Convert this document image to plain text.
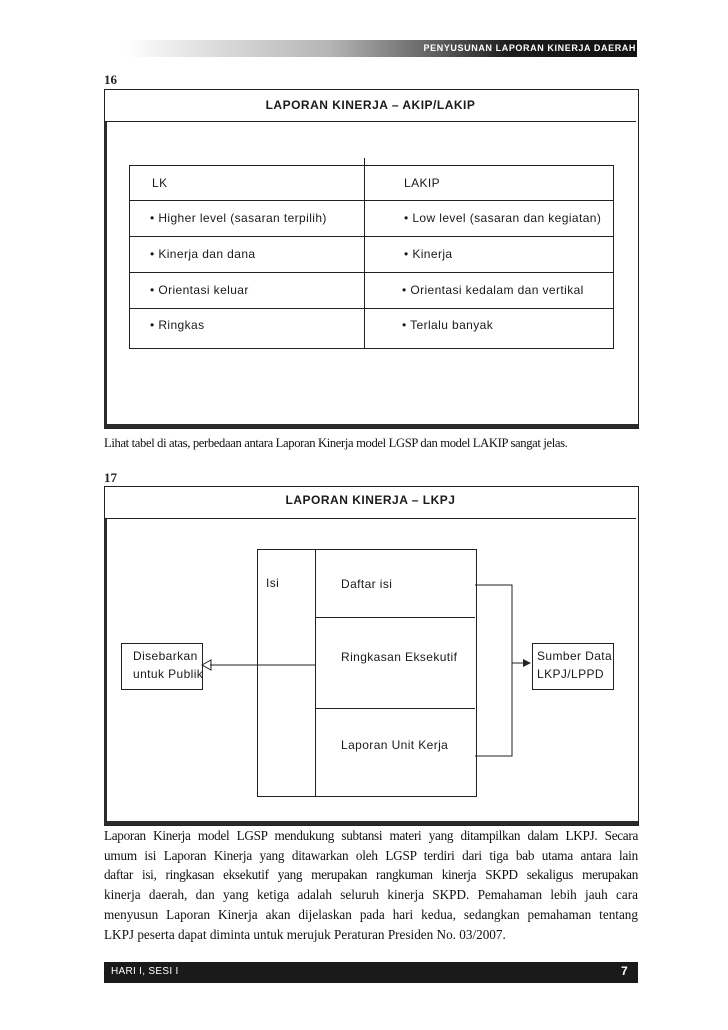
PENYUSUNAN LAPORAN KINERJA DAERAH
16
LAPORAN KINERJA – AKIP/LAKIP
LK	LAKIP
• Higher level (sasaran terpilih)	• Low level (sasaran dan kegiatan)
• Kinerja dan dana	• Kinerja
• Orientasi keluar	• Orientasi kedalam dan vertikal
• Ringkas	• Terlalu banyak
Lihat tabel di atas, perbedaan antara Laporan Kinerja model LGSP dan model LAKIP sangat jelas.
17
LAPORAN KINERJA – LKPJ
Isi	Daftar isi
Ringkasan Eksekutif
Laporan Unit Kerja
Disebarkan
untuk Publik
Sumber Data
LKPJ/LPPD
Laporan Kinerja model LGSP mendukung subtansi materi yang ditampilkan dalam LKPJ. Secara
umum isi Laporan Kinerja yang ditawarkan oleh LGSP terdiri dari tiga bab utama antara lain
daftar isi, ringkasan eksekutif yang merupakan rangkuman kinerja SKPD sekaligus merupakan
kinerja daerah, dan yang ketiga adalah seluruh kinerja SKPD. Pemahaman lebih jauh cara
menyusun Laporan Kinerja akan dijelaskan pada hari kedua, sedangkan pemahaman tentang
LKPJ peserta dapat diminta untuk merujuk Peraturan Presiden No. 03/2007.
HARI I, SESI I	7
